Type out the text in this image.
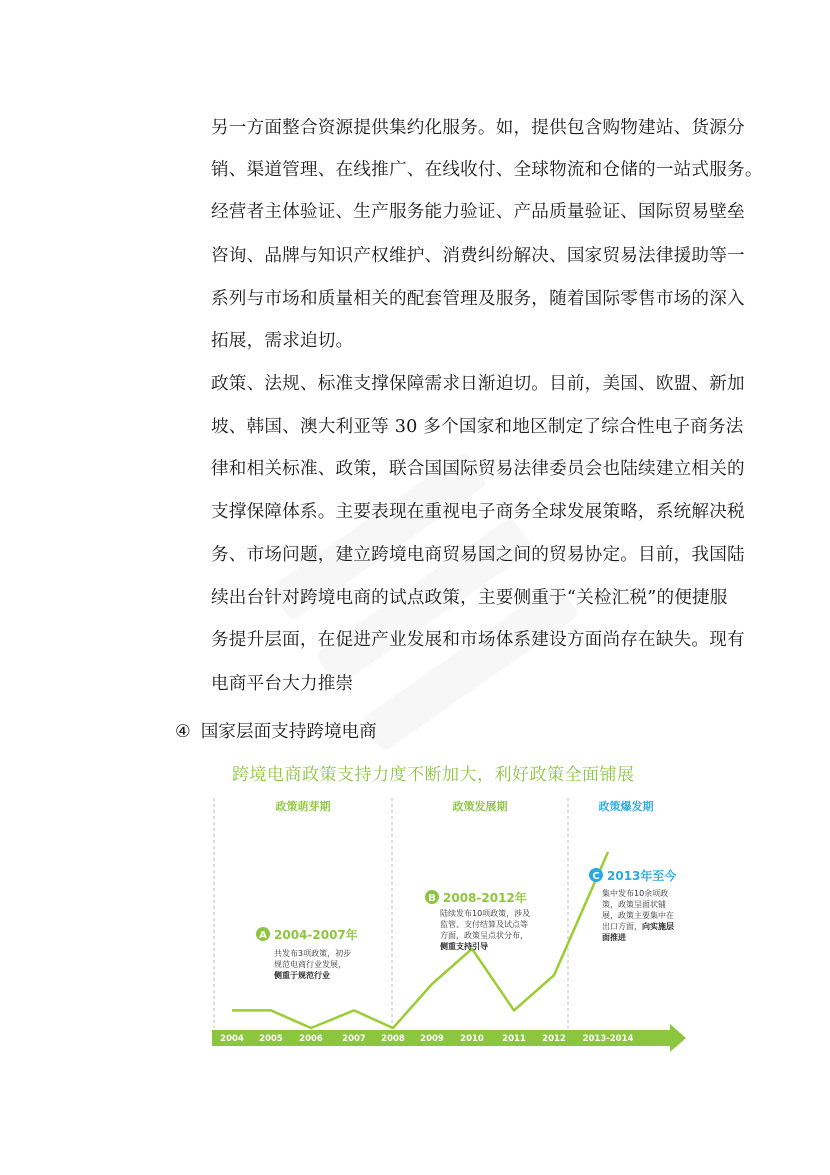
另一方面整合资源提供集约化服务。如，提供包含购物建站、货源分
销、渠道管理、在线推广、在线收付、全球物流和仓储的一站式服务。
经营者主体验证、生产服务能力验证、产品质量验证、国际贸易壁垒
咨询、品牌与知识产权维护、消费纠纷解决、国家贸易法律援助等一
系列与市场和质量相关的配套管理及服务，随着国际零售市场的深入
拓展，需求迫切。
政策、法规、标准支撑保障需求日渐迫切。目前，美国、欧盟、新加
坡、韩国、澳大利亚等 30 多个国家和地区制定了综合性电子商务法
律和相关标准、政策，联合国国际贸易法律委员会也陆续建立相关的
支撑保障体系。主要表现在重视电子商务全球发展策略，系统解决税
务、市场问题，建立跨境电商贸易国之间的贸易协定。目前，我国陆
续出台针对跨境电商的试点政策，主要侧重于“关检汇税”的便捷服
务提升层面，在促进产业发展和市场体系建设方面尚存在缺失。现有
电商平台大力推崇
④ 国家层面支持跨境电商
跨境电商政策支持力度不断加大，利好政策全面铺展
政策萌芽期	政策发展期	政策爆发期
2004 2005 2006 2007 2008 2009 2010 2011 2012 2013-2014
A 2004-2007年
共发布3项政策，初步
规范电商行业发展，
侧重于规范行业
B 2008-2012年
陆续发布10项政策，涉及
监管、支付结算及试点等
方面，政策呈点状分布，
侧重支持引导
C 2013年至今
集中发布10余项政
策，政策呈面状铺
展，政策主要集中在
出口方面， 向实施层
面推进
